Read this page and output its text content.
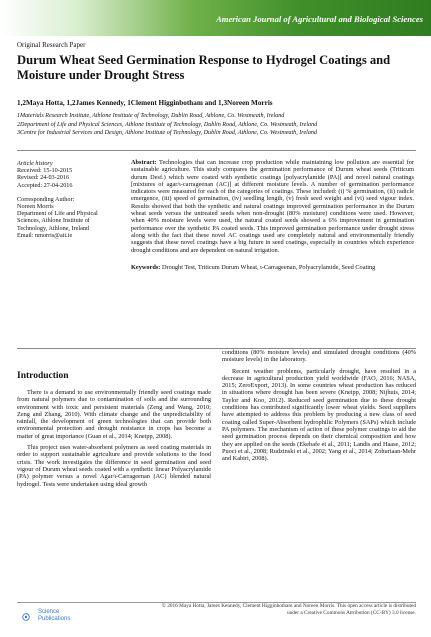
American Journal of Agricultural and Biological Sciences
Original Research Paper
Durum Wheat Seed Germination Response to Hydrogel Coatings and Moisture under Drought Stress
1,2Maya Hotta, 1,2James Kennedy, 1Clement Higginbotham and 1,3Noreen Morris
1Materials Research Institute, Athlone Institute of Technology, Dublin Road, Athlone, Co. Westmeath, Ireland
2Department of Life and Physical Sciences, Athlone Institute of Technology, Dublin Road, Athlone, Co. Westmeath, Ireland
3Centre for Industrial Services and Design, Athlone Institute of Technology, Dublin Road, Athlone, Co. Westmeath, Ireland
Article history
Received: 15-10-2015
Revised: 24-03-2016
Accepted: 27-04-2016
Corresponding Author:
Noreen Morris
Department of Life and Physical Sciences, Athlone Institute of Technology, Athlone, Ireland
Email: nmorris@ait.ie
Abstract: Technologies that can increase crop production while maintaining low pollution are essential for sustainable agriculture. This study compares the germination performance of Durum wheat seeds (Triticum durum Desf.) which were coated with synthetic coatings [polyacrylamide (PA)] and novel natural coatings [mixtures of agar/ι-carrageenan (AC)] at different moisture levels. A number of germination performance indicators were measured for each of the categories of coatings. These included: (i) % germination, (ii) radicle emergence, (iii) speed of germination, (iv) seedling length, (v) fresh seed weight and (vi) seed vigour index. Results showed that both the synthetic and natural coatings improved germination performance in the Durum wheat seeds versus the untreated seeds when non-drought (80% moisture) conditions were used. However, when 40% moisture levels were used, the natural coated seeds showed a 6% improvement in germination performance over the synthetic PA coated seeds. This improved germination performance under drought stress along with the fact that these novel AC coatings used are completely natural and environmentally friendly suggests that these novel coatings have a big future in seed coatings, especially in countries which experience drought conditions and are dependent on natural irrigation.
Keywords: Drought Test, Triticum Durum Wheat, ι-Carrageenan, Polyacrylamide, Seed Coating
Introduction

There is a demand to use environmentally friendly seed coatings made from natural polymers due to contamination of soils and the surrounding environment with toxic and persistent materials (Zeng and Wang, 2010; Zeng and Zhang, 2010). With climate change and the unpredictability of rainfall, the development of green technologies that can provide both environmental protection and drought resistance in crops has become a matter of great importance (Guan et al., 2014; Kneipp, 2008).

This project uses water-absorbent polymers as seed coating materials in order to support sustainable agriculture and provide solutions to the food crisis. The work investigates the difference in seed germination and seed vigour of Durum wheat seeds coated with a synthetic linear Polyacrylamide (PA) polymer versus a novel Agar/ι-Carrageenan (AC) blended natural hydrogel. Tests were undertaken using ideal growth

conditions (80% moisture levels) and simulated drought conditions (40% moisture levels) in the laboratory.

Recent weather problems, particularly drought, have resulted in a decrease in agricultural production yield worldwide (FAO, 2016; NASA, 2015; ZeroExport, 2013). In some countries wheat production has reduced in situations where drought has been severe (Kneipp, 2008; Nijhuis, 2014; Taylor and Koo, 2012). Reduced seed germination due to these drought conditions has contributed significantly lower wheat yields. Seed suppliers have attempted to address this problem by producing a new class of seed coating called Super-Absorbent hydrophilic Polymers (SAPs) which include PA polymers. The mechanism of action of these polymer coatings to aid the seed germination process depends on their chemical composition and how they are applied on the seeds (Ekebafe et al., 2011; Landis and Haase, 2012; Puoci et al., 2008; Rudzinski et al., 2002; Yang et al., 2014; Zohuriaan-Mehr and Kabiri, 2008).

Science
Publications
© 2016 Maya Hotta, James Kennedy, Clement Higginbotham and Noreen Morris. This open access article is distributed
under a Creative Commons Attribution (CC-BY) 3.0 license.
